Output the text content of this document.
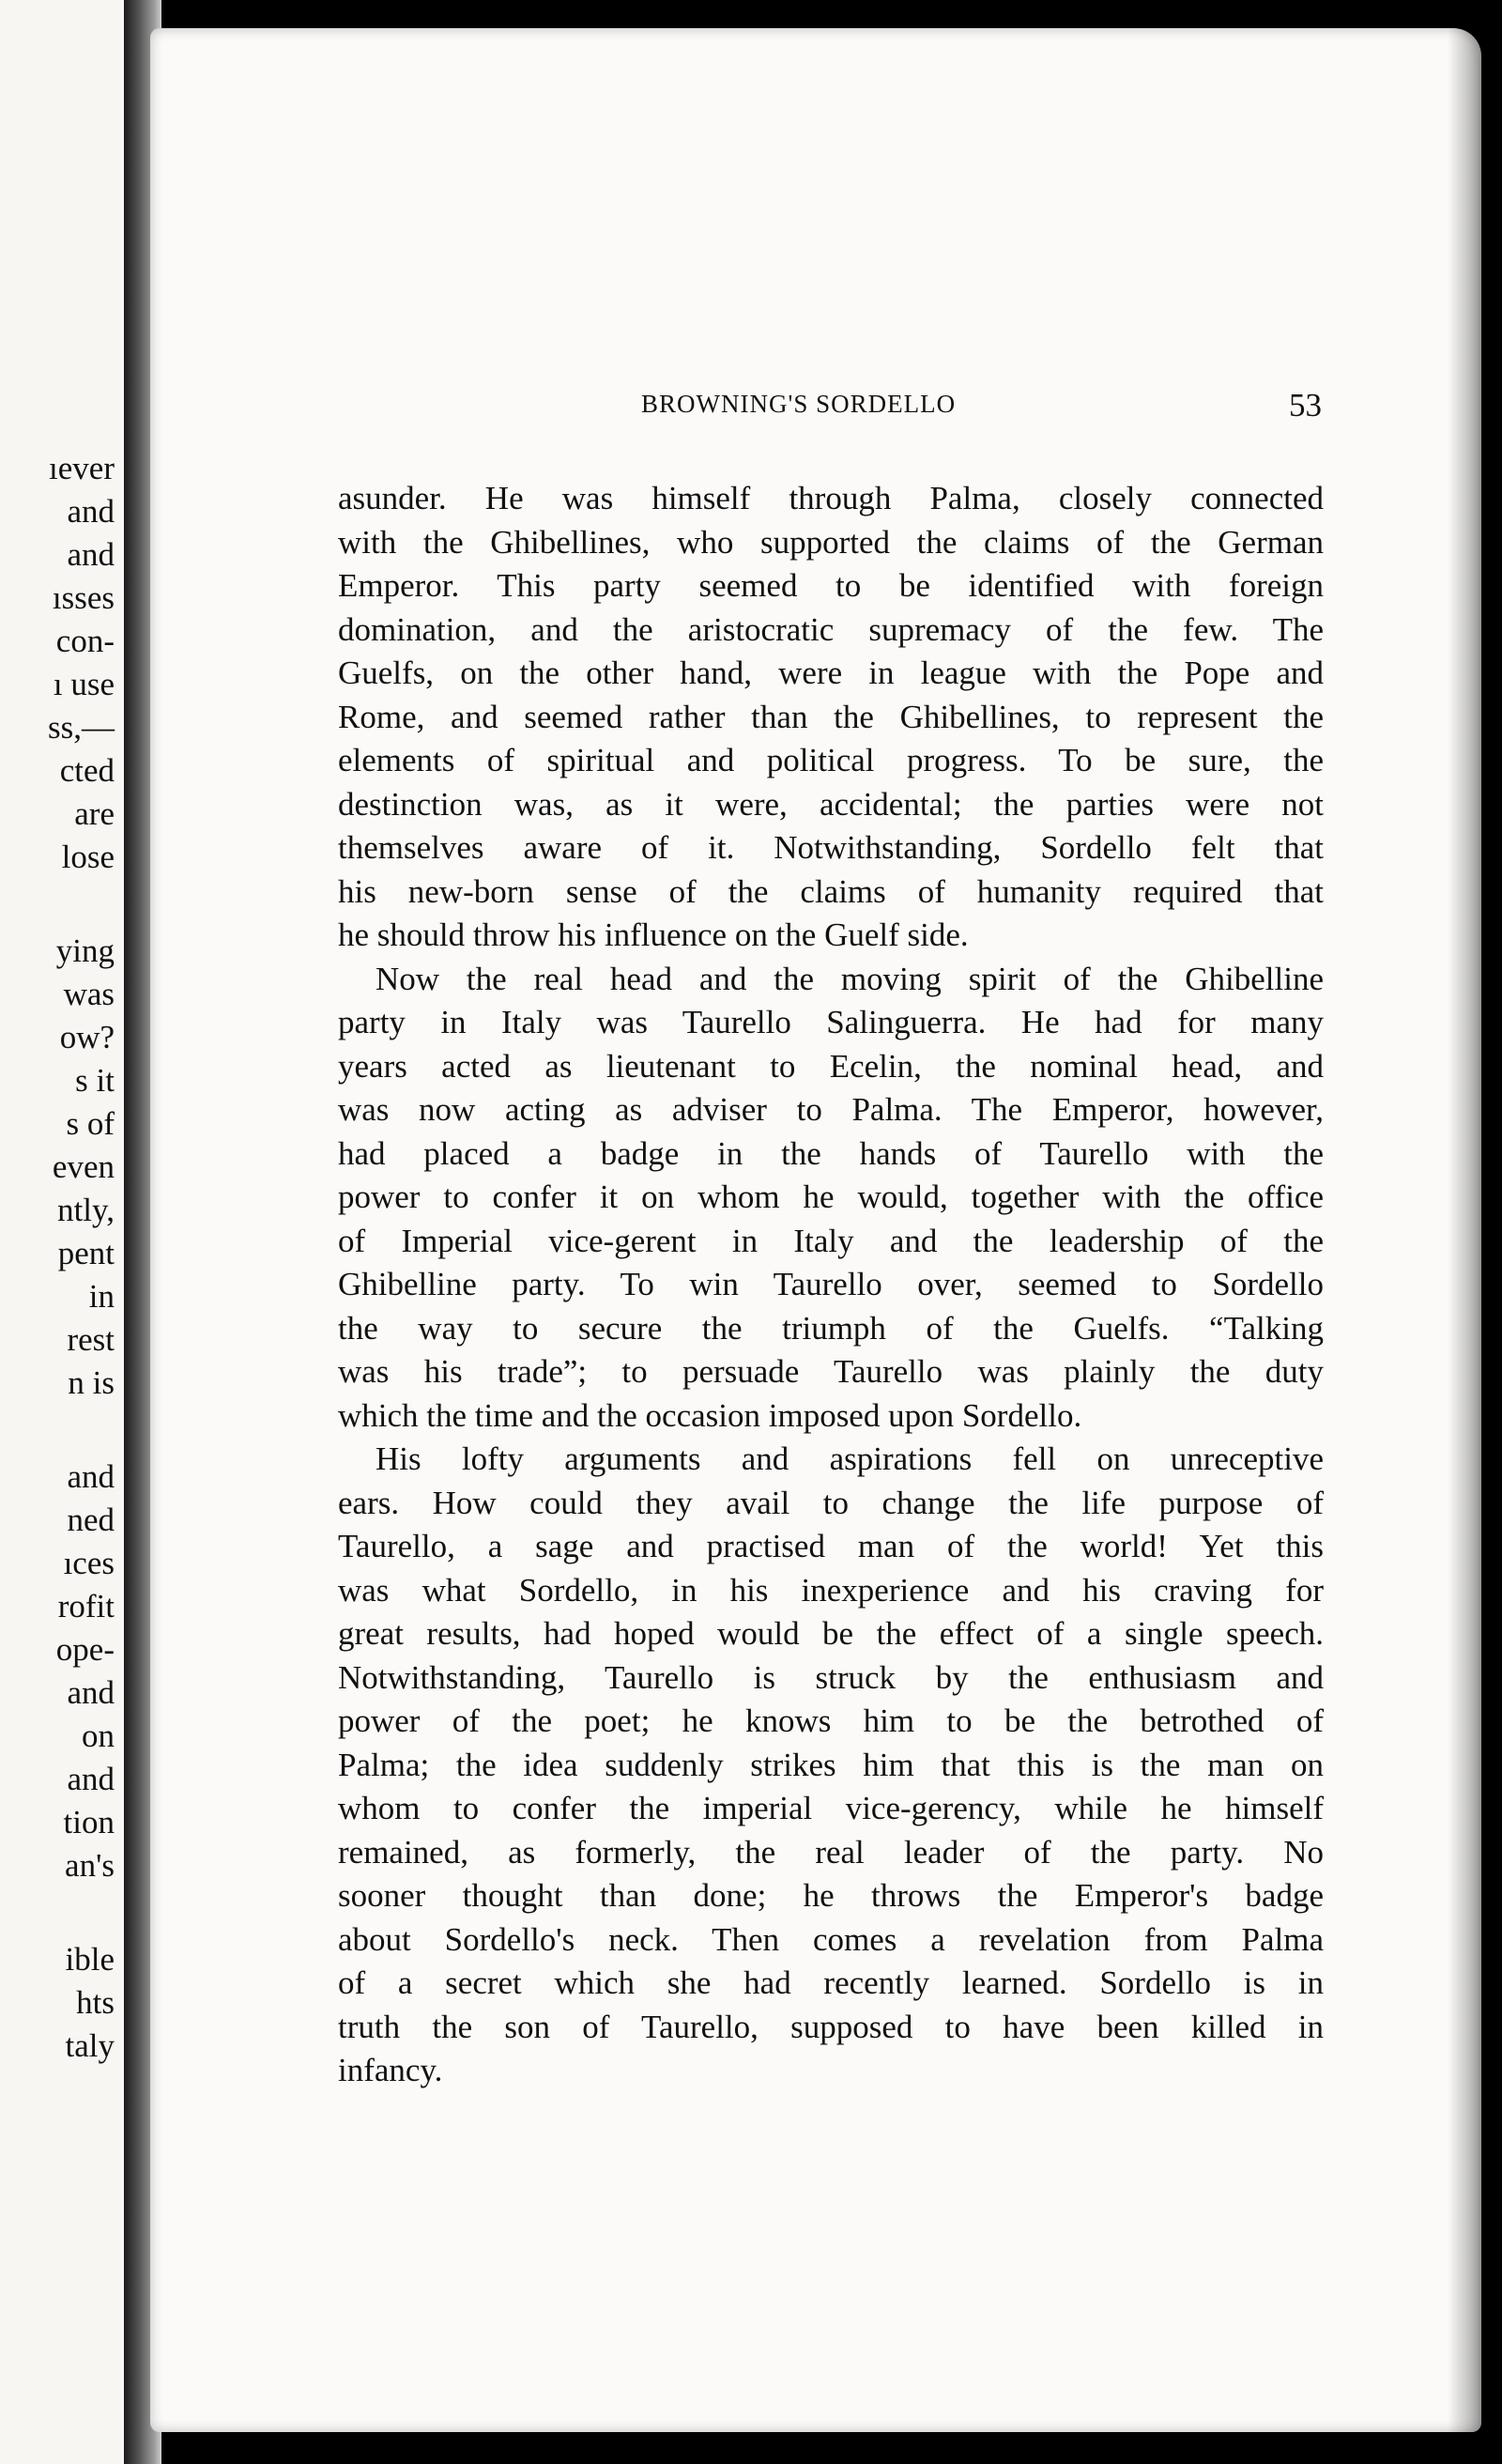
ıever
and
and
ısses
con-
ı use
ss,—
cted
are
lose
ying
was
ow?
s it
s of
even
ntly,
pent
in
rest
n is
and
ned
ıces
rofit
ope-
and
on
and
tion
an's
ible
hts
taly
BROWNING'S SORDELLO	53
asunder. He was himself through Palma, closely connected
with the Ghibellines, who supported the claims of the German
Emperor. This party seemed to be identified with foreign
domination, and the aristocratic supremacy of the few. The
Guelfs, on the other hand, were in league with the Pope and
Rome, and seemed rather than the Ghibellines, to represent the
elements of spiritual and political progress. To be sure, the
destinction was, as it were, accidental; the parties were not
themselves aware of it. Notwithstanding, Sordello felt that
his new-born sense of the claims of humanity required that
he should throw his influence on the Guelf side.
Now the real head and the moving spirit of the Ghibelline
party in Italy was Taurello Salinguerra. He had for many
years acted as lieutenant to Ecelin, the nominal head, and
was now acting as adviser to Palma. The Emperor, however,
had placed a badge in the hands of Taurello with the
power to confer it on whom he would, together with the office
of Imperial vice-gerent in Italy and the leadership of the
Ghibelline party. To win Taurello over, seemed to Sordello
the way to secure the triumph of the Guelfs. “Talking
was his trade”; to persuade Taurello was plainly the duty
which the time and the occasion imposed upon Sordello.
His lofty arguments and aspirations fell on unreceptive
ears. How could they avail to change the life purpose of
Taurello, a sage and practised man of the world! Yet this
was what Sordello, in his inexperience and his craving for
great results, had hoped would be the effect of a single speech.
Notwithstanding, Taurello is struck by the enthusiasm and
power of the poet; he knows him to be the betrothed of
Palma; the idea suddenly strikes him that this is the man on
whom to confer the imperial vice-gerency, while he himself
remained, as formerly, the real leader of the party. No
sooner thought than done; he throws the Emperor's badge
about Sordello's neck. Then comes a revelation from Palma
of a secret which she had recently learned. Sordello is in
truth the son of Taurello, supposed to have been killed in
infancy.
